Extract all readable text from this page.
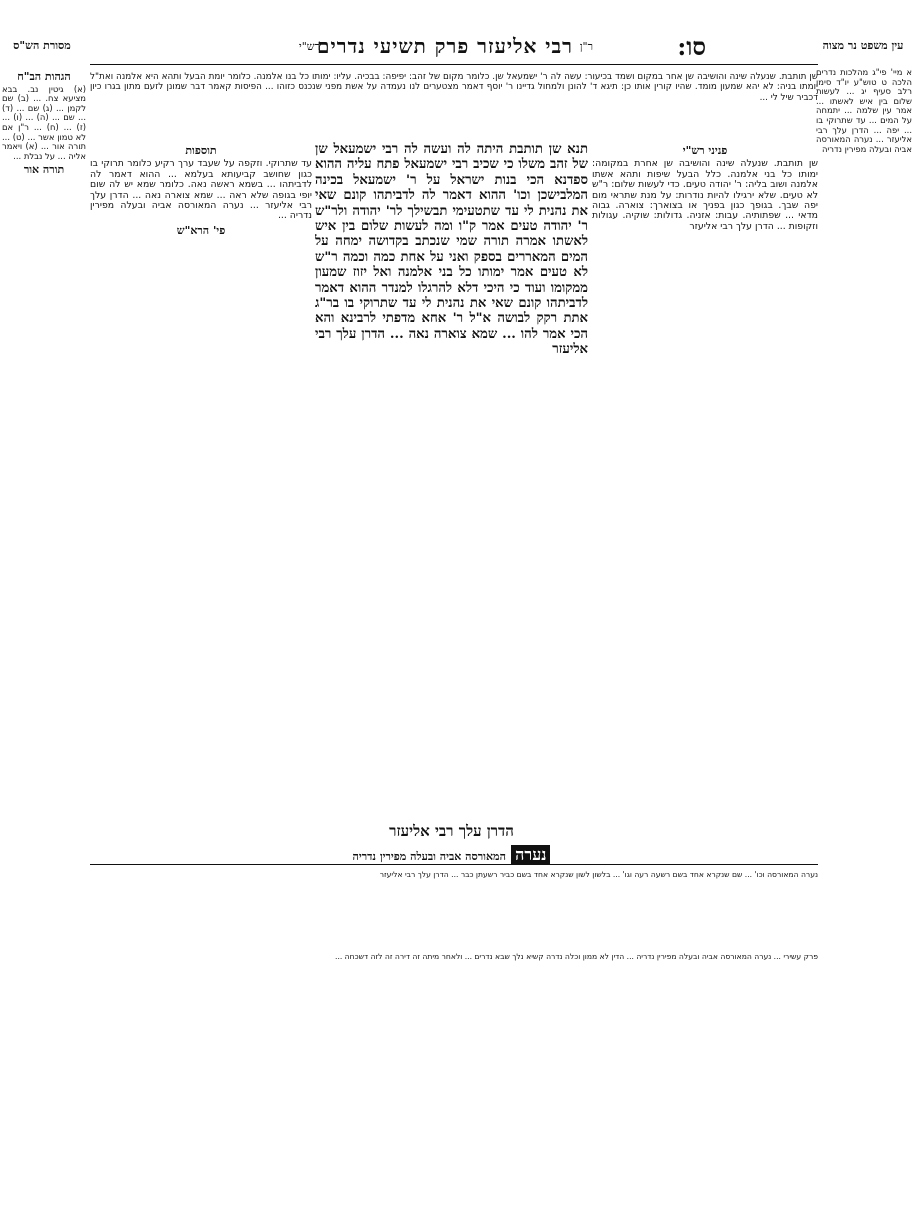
עין משפט נר מצוה
מסורת הש"ס	סו:
ר"ן
רבי אליעזר פרק תשיעי נדרים
רש"י
שן תותבת. שנעלה שינה והושיבה שן אחר במקום ושמד בכיעור: עשה לה ר' ישמעאל שן. כלומר מקום של זהב: יפיפה: בבכיה. עליו: ימותו כל בנו אלמנה. כלומר יומת הבעל ותהא היא אלמנה ואת"ל יומתו בניה: לא יהא שמעון מומד. שהיו קורין אותו כן: תיגא ד' להונן ולמחול גדיינו ר' יוסף דאמר מצטערים לנו נעמדה על אשת מפני שנכנס כזוהו ... הפיסות קאמר דבר שמונן לזעם מתון בגרו כיון דכביר שיל לי ...
תנא שן תותבת היתה לה ועשה לה רבי ישמעאל שן של זהב משלו כי שכיב רבי ישמעאל פתח עליה ההוא ספדנא הכי בנות ישראל על ר' ישמעאל בכינה המלבישכן וכו' ההוא דאמר לה לדביתהו קונם שאי את נהנית לי עד שתטעימי תבשילך לר' יהודה ולר"ש ר' יהודה טעים אמר ק"ו ומה לעשות שלום בין איש לאשתו אמרה תורה שמי שנכתב בקדושה ימחה על המים המאררים בספק ואני על אחת כמה וכמה ר"ש לא טעים אמר ימותו כל בני אלמנה ואל יזוז שמעון ממקומו ועוד כי היכי דלא להרגלו למנדר ההוא דאמר לדביתהו קונם שאי את נהנית לי עד שתרוקי בו בר"ג אתת רקק לבושה א"ל ר' אחא מדפתי לרבינא והא הכי אמר להו ... שמא צוארה נאה ... הדרן עלך רבי אליעזר
הדרן עלך רבי אליעזר
נערה המאורסה אביה ובעלה מפירין נדריה
פניני רש"י
שן תותבת. שנעלה שינה והושיבה שן אחרת במקומה: ימותו כל בני אלמנה. כלל הבעל שיפות ותהא אשתו אלמנה ושוב בליה: ר' יהודה טעים. כדי לעשות שלום: ר"ש לא טעים. שלא ירגילו להיות נודרות: על מנת שתראי מום יפה שבך. בגופך כגון בפניך או בצוארך: צוארה. גבוה מדאי ... שפתותיה. עבות: אזניה. גדולות: שוקיה. עגולות וזקופות ... הדרן עלך רבי אליעזר
תוספות
עד שתרוקי. וזקפה על שעבד ערך רקיע כלומר תרוקי בו כגון שחושב קביעותא בעלמא ... ההוא דאמר לה לדביתהו ... בשמא ראשה נאה. כלומר שמא יש לה שום יופי בגופה שלא ראה ... שמא צוארה נאה ... הדרן עלך רבי אליעזר ... נערה המאורסה אביה ובעלה מפירין נדריה ...
פי' הרא"ש
א מיי' פי"ג מהלכות נדרים הלכה ט טוש"ע יו"ד סימן רלב סעיף יג ... לעשות שלום בין איש לאשתו ... אמר עין שלמה ... יתמחה על המים ... עד שתרוקי בו ... יפה ... הדרן עלך רבי אליעזר ... נערה המאורסה אביה ובעלה מפירין נדריה
הגהות הב"ח
(א) גיטין נב. בבא מציעא צח. ... (ב) שם לקמן ... (ג) שם ... (ד) ... שם ... (ה) ... (ו) ... (ז) ... (ח) ... ר"ן אם לא טמון אשר ... (ט) ... תורה אור ... (א) ויאמר אליה ... על נבלת ...
תורה אור
נערה המאורסה וכו' ... שם שנקרא אחד בשם רשעה רעה וגו' ... בלשון לשון שנקרא אחד בשם כביר רשעתן כבר ... הדרן עלך רבי אליעזר
פרק עשירי ... נערה המאורסה אביה ובעלה מפירין נדריה ... הדין לא ממון וכלה נדרה קשיא נלך שבא נדרים ... ולאחר מיתה זה דירה זה לזה דשכחה ...
